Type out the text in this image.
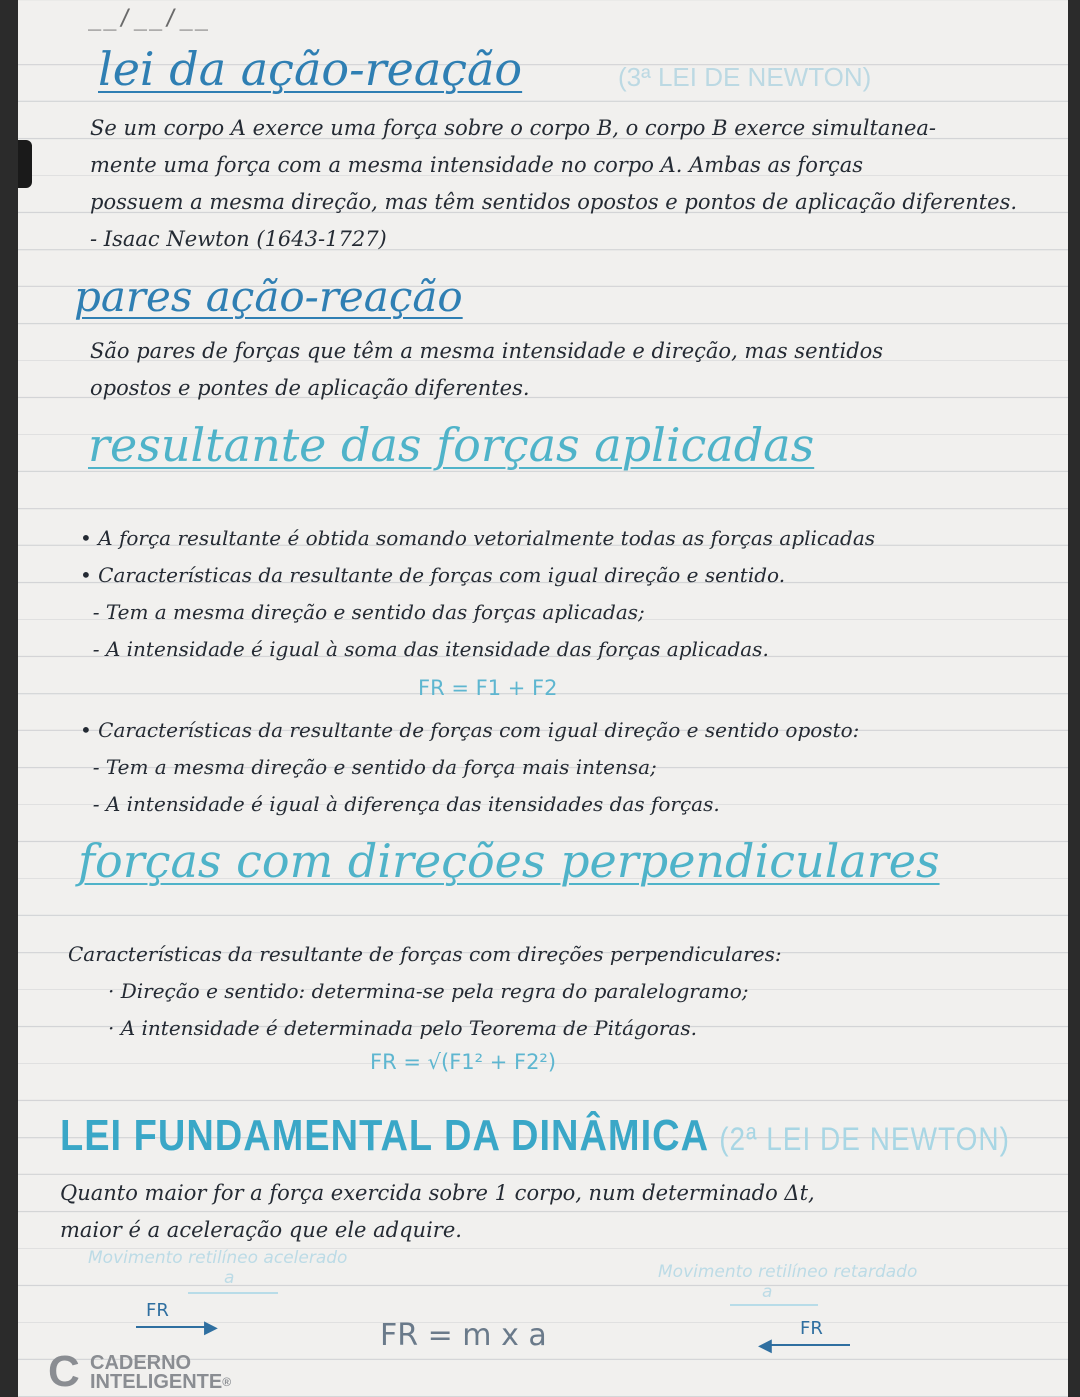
__/__/__
lei da ação-reação	(3ª LEI DE NEWTON)

Se um corpo A exerce uma força sobre o corpo B, o corpo B exerce simultanea-

mente uma força com a mesma intensidade no corpo A. Ambas as forças

possuem a mesma direção, mas têm sentidos opostos e pontos de aplicação diferentes.

- Isaac Newton (1643-1727)

pares ação-reação

São pares de forças que têm a mesma intensidade e direção, mas sentidos

opostos e pontes de aplicação diferentes.

resultante das forças aplicadas

• A força resultante é obtida somando vetorialmente todas as forças aplicadas

• Características da resultante de forças com igual direção e sentido.

- Tem a mesma direção e sentido das forças aplicadas;

- A intensidade é igual à soma das itensidade das forças aplicadas.

FR = F1 + F2

• Características da resultante de forças com igual direção e sentido oposto:

- Tem a mesma direção e sentido da força mais intensa;

- A intensidade é igual à diferença das itensidades das forças.

forças com direções perpendiculares

Características da resultante de forças com direções perpendiculares:

· Direção e sentido: determina-se pela regra do paralelogramo;

· A intensidade é determinada pelo Teorema de Pitágoras.

FR = √(F1² + F2²)
LEI FUNDAMENTAL DA DINÂMICA (2ª LEI DE NEWTON)

Quanto maior for a força exercida sobre 1 corpo, num determinado Δt,

maior é a aceleração que ele adquire.

Movimento retilíneo acelerado
a
FR
▶	FR = m x a
Movimento retilíneo retardado
a
FR
◀
C CADERNO
INTELIGENTE®
